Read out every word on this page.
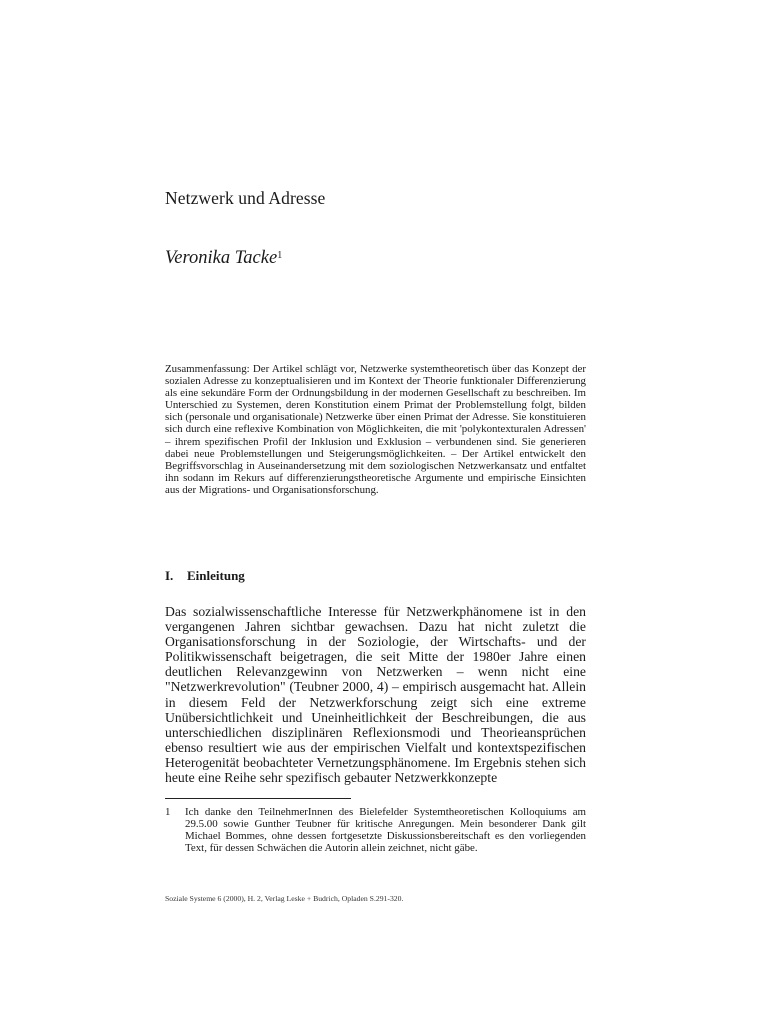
Netzwerk und Adresse
Veronika Tacke$^1$

Zusammenfassung: Der Artikel schlägt vor, Netzwerke systemtheoretisch über das Konzept der sozialen Adresse zu konzeptualisieren und im Kontext der Theorie funktionaler Differenzierung als eine sekundäre Form der Ordnungsbildung in der modernen Gesellschaft zu beschreiben. Im Unterschied zu Systemen, deren Konstitution einem Primat der Problemstellung folgt, bilden sich (personale und organisationale) Netzwerke über einen Primat der Adresse. Sie konstituieren sich durch eine reflexive Kombination von Möglichkeiten, die mit 'polykontexturalen Adressen' – ihrem spezifischen Profil der Inklusion und Exklusion – verbundenen sind. Sie generieren dabei neue Problemstellungen und Steigerungsmöglichkeiten. – Der Artikel entwickelt den Begriffsvorschlag in Auseinandersetzung mit dem soziologischen Netzwerkansatz und entfaltet ihn sodann im Rekurs auf differenzierungstheoretische Argumente und empirische Einsichten aus der Migrations- und Organisationsforschung.

I. Einleitung

Das sozialwissenschaftliche Interesse für Netzwerkphänomene ist in den vergangenen Jahren sichtbar gewachsen. Dazu hat nicht zuletzt die Organisationsforschung in der Soziologie, der Wirtschafts- und der Politikwissenschaft beigetragen, die seit Mitte der 1980er Jahre einen deutlichen Relevanzgewinn von Netzwerken – wenn nicht eine "Netzwerkrevolution" (Teubner 2000, 4) – empirisch ausgemacht hat. Allein in diesem Feld der Netzwerkforschung zeigt sich eine extreme Unübersichtlichkeit und Uneinheitlichkeit der Beschreibungen, die aus unterschiedlichen disziplinären Reflexionsmodi und Theorieansprüchen ebenso resultiert wie aus der empirischen Vielfalt und kontextspezifischen Heterogenität beobachteter Vernetzungsphänomene. Im Ergebnis stehen sich heute eine Reihe sehr spezifisch gebauter Netzwerkkonzepte

1 Ich danke den TeilnehmerInnen des Bielefelder Systemtheoretischen Kolloquiums am 29.5.00 sowie Gunther Teubner für kritische Anregungen. Mein besonderer Dank gilt Michael Bommes, ohne dessen fortgesetzte Diskussionsbereitschaft es den vorliegenden Text, für dessen Schwächen die Autorin allein zeichnet, nicht gäbe.

Soziale Systeme 6 (2000), H. 2, Verlag Leske + Budrich, Opladen S.291-320.
